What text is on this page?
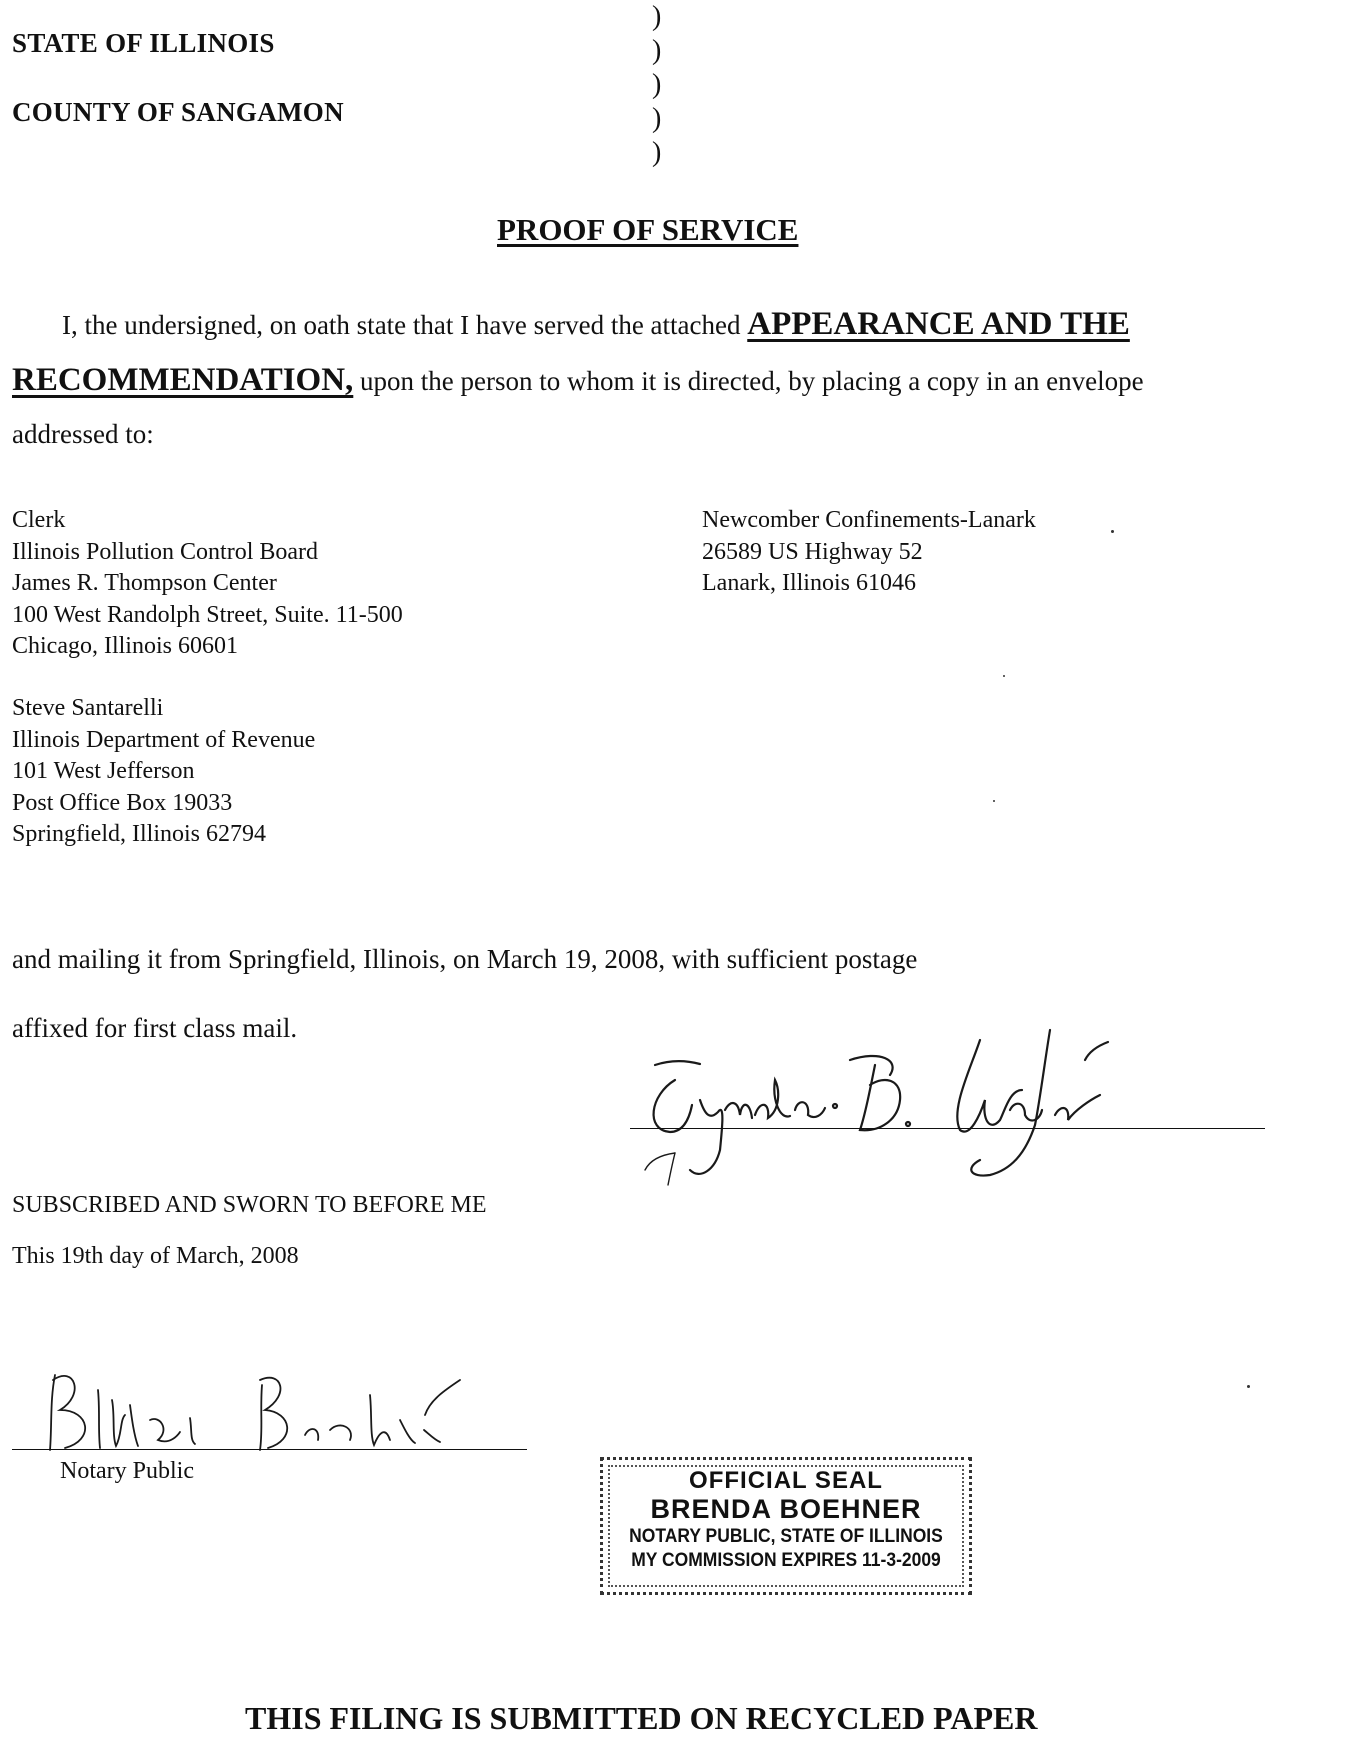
STATE OF ILLINOIS
COUNTY OF SANGAMON
)
)
)
)
)
PROOF OF SERVICE
I, the undersigned, on oath state that I have served the attached APPEARANCE AND THE
RECOMMENDATION, upon the person to whom it is directed, by placing a copy in an envelope
addressed to:
Clerk
Illinois Pollution Control Board
James R. Thompson Center
100 West Randolph Street, Suite. 11-500
Chicago, Illinois 60601
Newcomber Confinements-Lanark
26589 US Highway 52
Lanark, Illinois 61046
Steve Santarelli
Illinois Department of Revenue
101 West Jefferson
Post Office Box 19033
Springfield, Illinois 62794
and mailing it from Springfield, Illinois, on March 19, 2008, with sufficient postage
affixed for first class mail.
SUBSCRIBED AND SWORN TO BEFORE ME
This 19th day of March, 2008
Notary Public	OFFICIAL SEAL
BRENDA BOEHNER
NOTARY PUBLIC, STATE OF ILLINOIS
MY COMMISSION EXPIRES 11-3-2009
THIS FILING IS SUBMITTED ON RECYCLED PAPER
